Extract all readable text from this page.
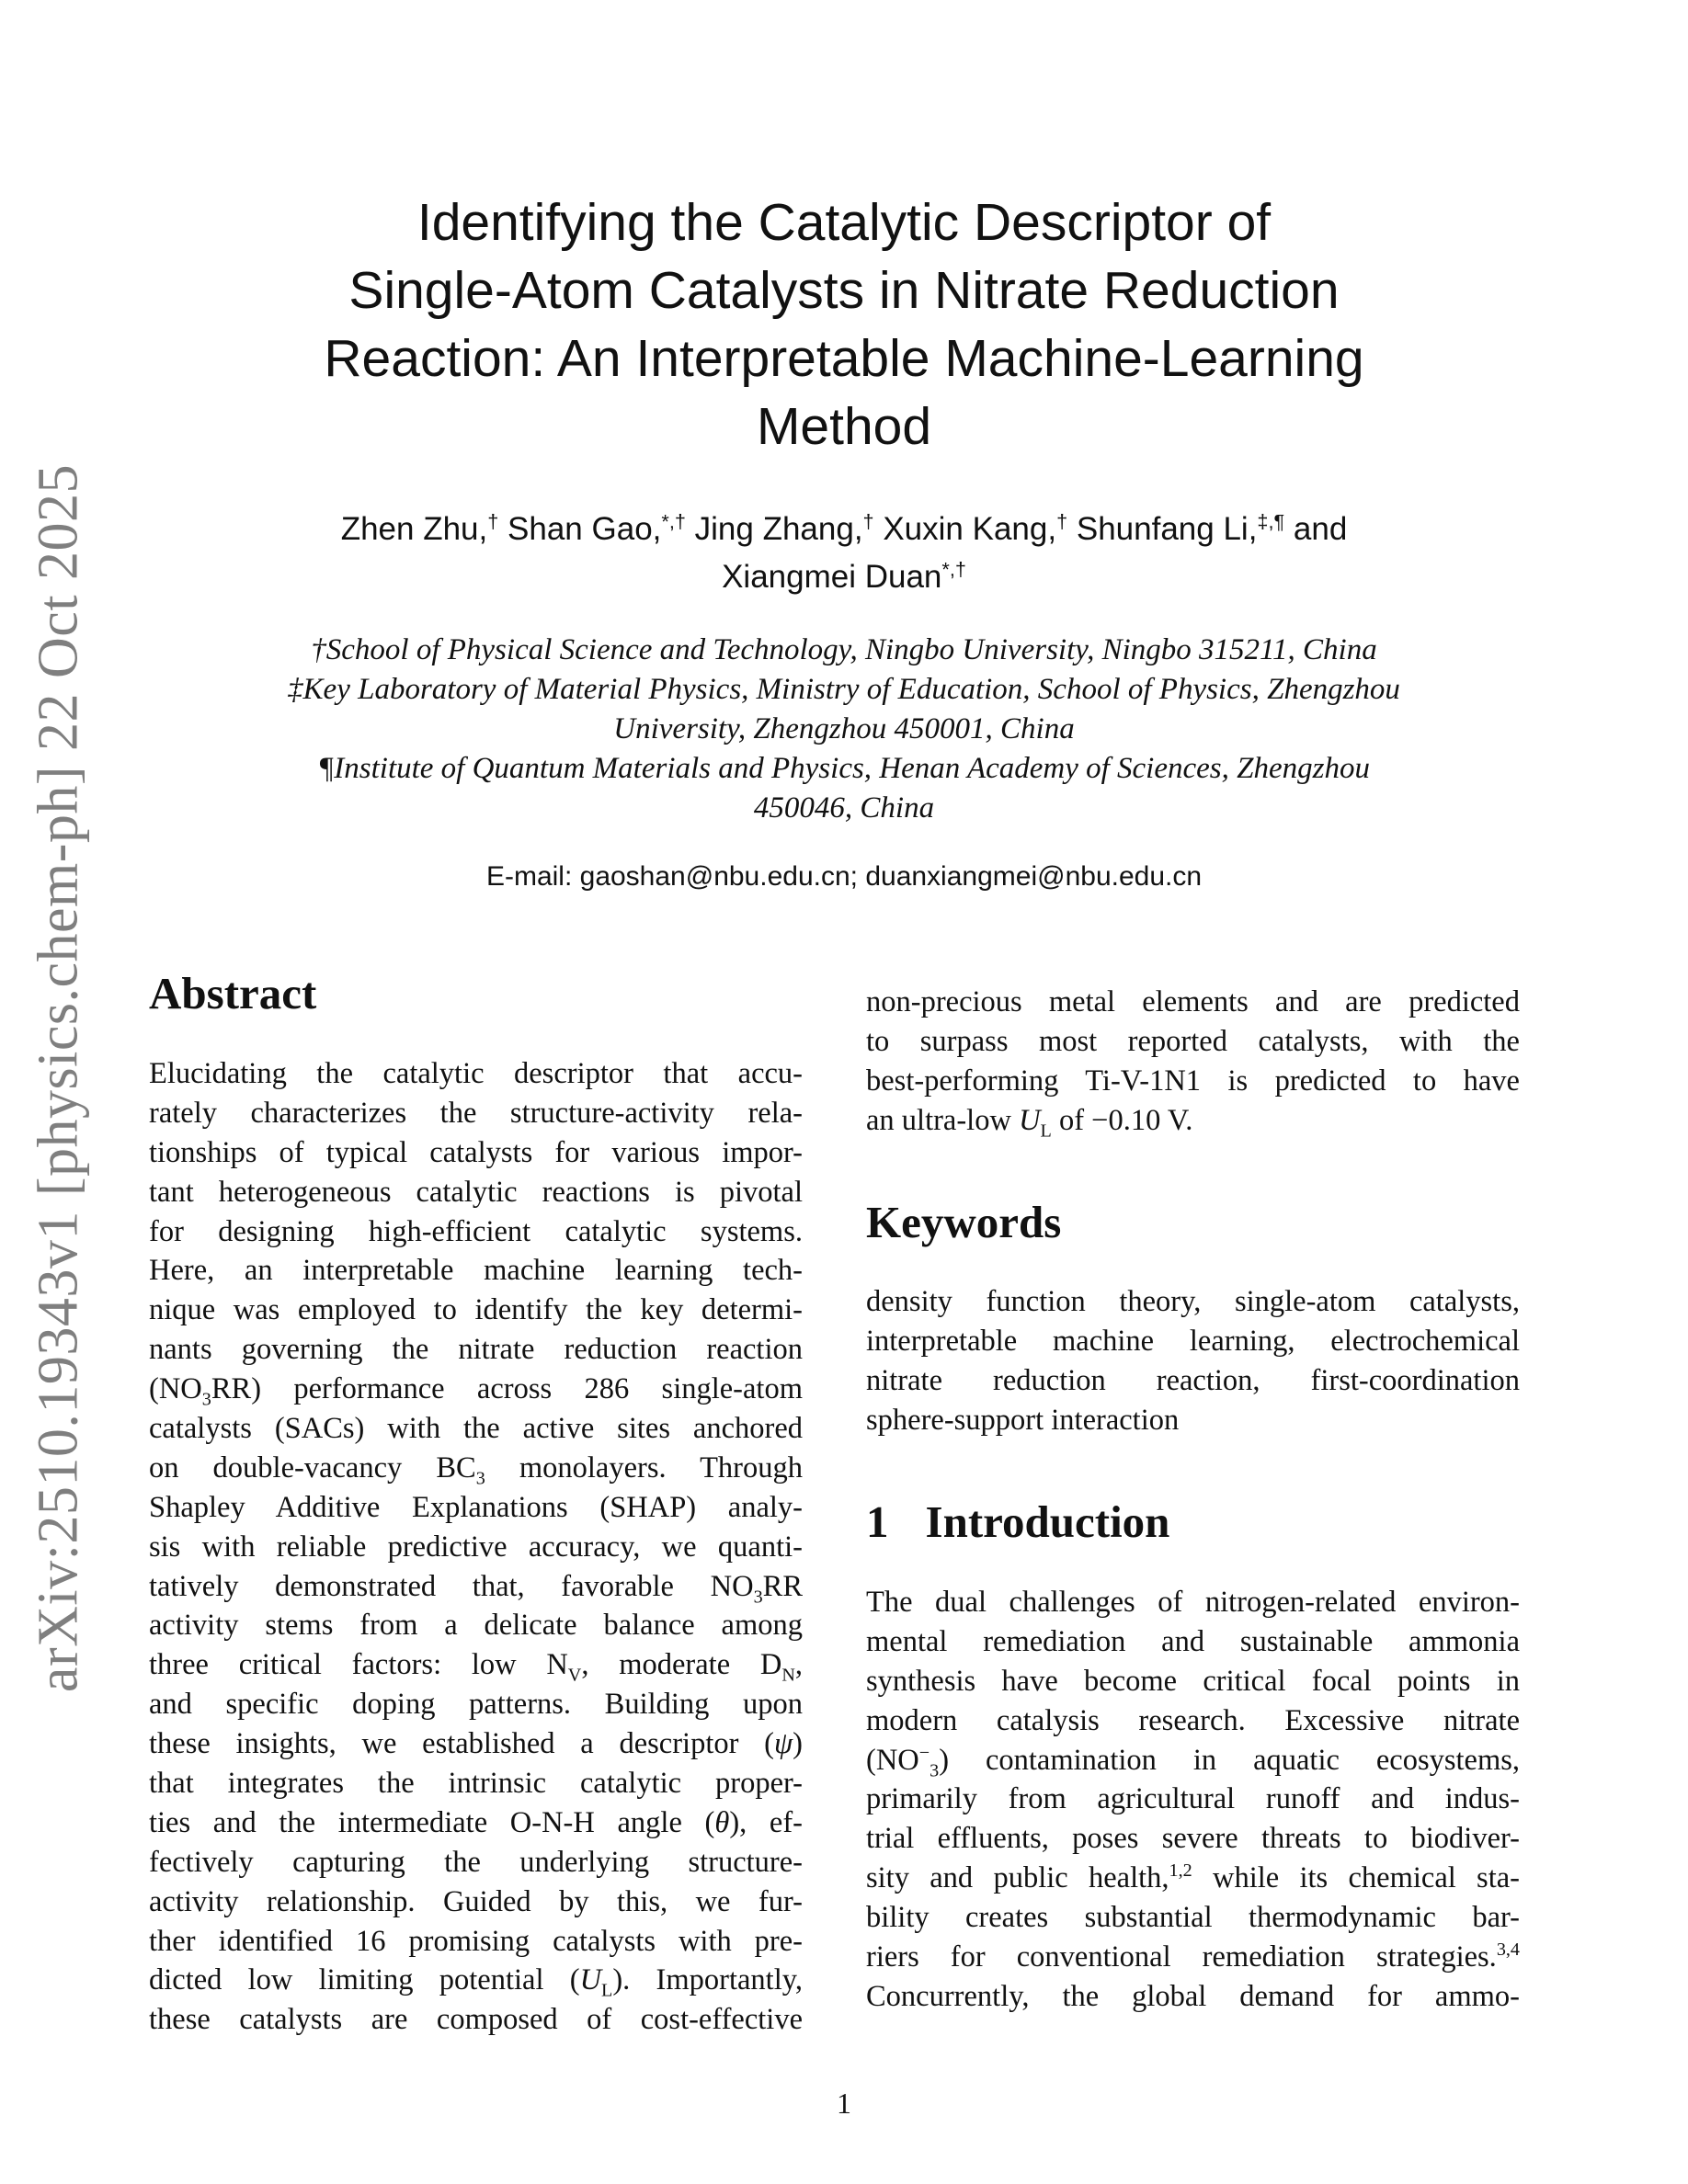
arXiv:2510.19343v1 [physics.chem-ph] 22 Oct 2025
Identifying the Catalytic Descriptor of
Single-Atom Catalysts in Nitrate Reduction
Reaction: An Interpretable Machine-Learning
Method
Zhen Zhu,† Shan Gao,*,† Jing Zhang,† Xuxin Kang,† Shunfang Li,‡,¶ and
Xiangmei Duan*,†
†School of Physical Science and Technology, Ningbo University, Ningbo 315211, China
‡Key Laboratory of Material Physics, Ministry of Education, School of Physics, Zhengzhou
University, Zhengzhou 450001, China
¶Institute of Quantum Materials and Physics, Henan Academy of Sciences, Zhengzhou
450046, China
E-mail: gaoshan@nbu.edu.cn; duanxiangmei@nbu.edu.cn
Abstract
Elucidating the catalytic descriptor that accu-
rately characterizes the structure-activity rela-
tionships of typical catalysts for various impor-
tant heterogeneous catalytic reactions is pivotal
for designing high-efficient catalytic systems.
Here, an interpretable machine learning tech-
nique was employed to identify the key determi-
nants governing the nitrate reduction reaction
$(NO_3RR)$ performance across 286 single-atom
catalysts (SACs) with the active sites anchored
on double-vacancy $BC_3$ monolayers. Through
Shapley Additive Explanations (SHAP) analy-
sis with reliable predictive accuracy, we quanti-
tatively demonstrated that, favorable $NO_3RR$
activity stems from a delicate balance among
three critical factors: low $N_V$, moderate $D_N$,
and specific doping patterns. Building upon
these insights, we established a descriptor (ψ)
that integrates the intrinsic catalytic proper-
ties and the intermediate O-N-H angle (θ), ef-
fectively capturing the underlying structure-
activity relationship. Guided by this, we fur-
ther identified 16 promising catalysts with pre-
dicted low limiting potential $(U_L)$. Importantly,
these catalysts are composed of cost-effective
non-precious metal elements and are predicted
to surpass most reported catalysts, with the
best-performing Ti-V-1N1 is predicted to have
an ultra-low $U_L$ of −0.10 V.
Keywords
density function theory, single-atom catalysts,
interpretable machine learning, electrochemical
nitrate reduction reaction, first-coordination
sphere-support interaction
1 Introduction
The dual challenges of nitrogen-related environ-
mental remediation and sustainable ammonia
synthesis have become critical focal points in
modern catalysis research. Excessive nitrate
$(NO^-_3)$ contamination in aquatic ecosystems,
primarily from agricultural runoff and indus-
trial effluents, poses severe threats to biodiver-
sity and public health,$^{1,2}$ while its chemical sta-
bility creates substantial thermodynamic bar-
riers for conventional remediation strategies.$^{3,4}$
Concurrently, the global demand for ammo-
1
